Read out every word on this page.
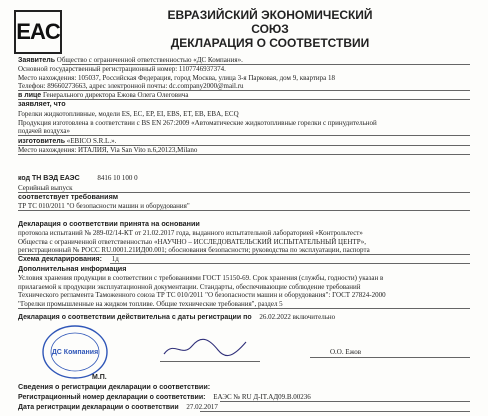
EAC
ЕВРАЗИЙСКИЙ ЭКОНОМИЧЕСКИЙ
СОЮЗ
ДЕКЛАРАЦИЯ О СООТВЕТСТВИИ
Заявитель Общество с ограниченной ответственностью «ДС Компания».
Основной государственный регистрационный номер: 1107746937374.
Место нахождения: 105037, Российская Федерация, город Москва, улица 3-я Парковая, дом 9, квартира 18
Телефон: 89660273663, адрес электронной почты: dc.company2000@mail.ru
в лице Генерального директора Ежова Олега Олеговича
заявляет, что
Горелки жидкотопливные, модели ES, EC, EP, EI, EBS, ET, EB, EBA, ECQ
Продукция изготовлена в соответствии с BS EN 267:2009 «Автоматические жидкотопливные горелки с принудительной
подачей воздуха»
изготовитель «EBICO S.R.L.».
Место нахождения: ИТАЛИЯ, Via San Vito n.6,20123,Milano
код ТН ВЭД ЕАЭС	8416 10 100 0
Серийный выпуск
соответствует требованиям
ТР ТС 010/2011 "О безопасности машин и оборудования"
Декларация о соответствии принята на основании
протокола испытаний № 289-02/14-КТ от 21.02.2017 года, выданного испытательной лабораторией «Контрольтест»
Общества с ограниченной ответственностью «НАУЧНО – ИССЛЕДОВАТЕЛЬСКИЙ ИСПЫТАТЕЛЬНЫЙ ЦЕНТР»,
регистрационный № РОСС RU.0001.21ИД00.001; обоснования безопасности; руководства по эксплуатации, паспорта
Схема декларирования: 1д
Дополнительная информация
Условия хранения продукции в соответствии с требованиями ГОСТ 15150-69. Срок хранения (службы, годности) указан в
прилагаемой к продукции эксплуатационной документации. Стандарты, обеспечивающие соблюдение требований
Технического регламента Таможенного союза ТР ТС 010/2011 "О безопасности машин и оборудования": ГОСТ 27824-2000
"Горелки промышленные на жидком топливе. Общие технические требования", раздел 5
Декларация о соответствии действительна с даты регистрации по 26.02.2022 включительно
ДС Компания	О.О. Ежов
М.П.
Сведения о регистрации декларации о соответствии:
Регистрационный номер декларации о соответствии: ЕАЭС № RU Д-IT.АД09.В.00236
Дата регистрации декларации о соответствии 27.02.2017
